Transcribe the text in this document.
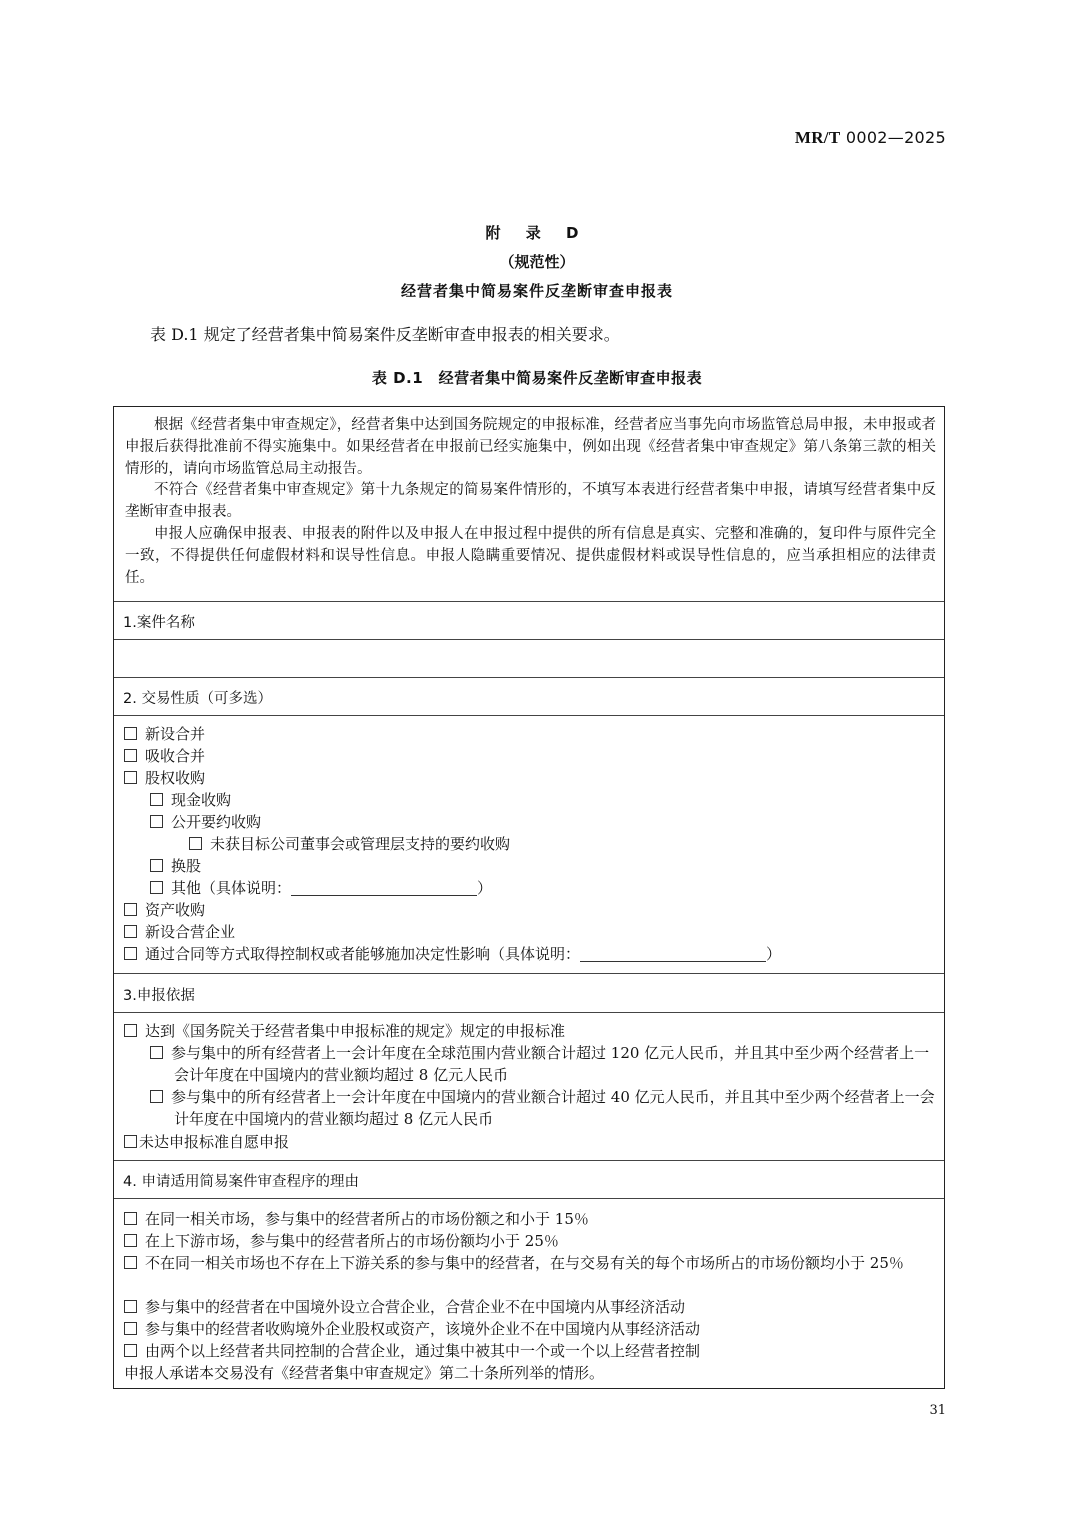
MR/T 0002—2025
附 录 D
（规范性）
经营者集中简易案件反垄断审查申报表
表 D.1 规定了经营者集中简易案件反垄断审查申报表的相关要求。
表 D.1　经营者集中简易案件反垄断审查申报表

根据《经营者集中审查规定》，经营者集中达到国务院规定的申报标准，经营者应当事先向市场监管总局申报，未申报或者申报后获得批准前不得实施集中。如果经营者在申报前已经实施集中，例如出现《经营者集中审查规定》第八条第三款的相关情形的，请向市场监管总局主动报告。

不符合《经营者集中审查规定》第十九条规定的简易案件情形的，不填写本表进行经营者集中申报，请填写经营者集中反垄断审查申报表。

申报人应确保申报表、申报表的附件以及申报人在申报过程中提供的所有信息是真实、完整和准确的，复印件与原件完全一致，不得提供任何虚假材料和误导性信息。申报人隐瞒重要情况、提供虚假材料或误导性信息的，应当承担相应的法律责任。

1.案件名称
2. 交易性质（可多选）
新设合并
吸收合并
股权收购
现金收购
公开要约收购
未获目标公司董事会或管理层支持的要约收购
换股
其他（具体说明：	）
资产收购
新设合营企业
通过合同等方式取得控制权或者能够施加决定性影响（具体说明：	）
3.申报依据
达到《国务院关于经营者集中申报标准的规定》规定的申报标准
参与集中的所有经营者上一会计年度在全球范围内营业额合计超过 120 亿元人民币，并且其中至少两个经营者上一会计年度在中国境内的营业额均超过 8 亿元人民币
参与集中的所有经营者上一会计年度在中国境内的营业额合计超过 40 亿元人民币，并且其中至少两个经营者上一会计年度在中国境内的营业额均超过 8 亿元人民币
未达申报标准自愿申报
4. 申请适用简易案件审查程序的理由
在同一相关市场，参与集中的经营者所占的市场份额之和小于 15％
在上下游市场，参与集中的经营者所占的市场份额均小于 25％
不在同一相关市场也不存在上下游关系的参与集中的经营者，在与交易有关的每个市场所占的市场份额均小于 25％
参与集中的经营者在中国境外设立合营企业，合营企业不在中国境内从事经济活动
参与集中的经营者收购境外企业股权或资产，该境外企业不在中国境内从事经济活动
由两个以上经营者共同控制的合营企业，通过集中被其中一个或一个以上经营者控制
申报人承诺本交易没有《经营者集中审查规定》第二十条所列举的情形。
31
